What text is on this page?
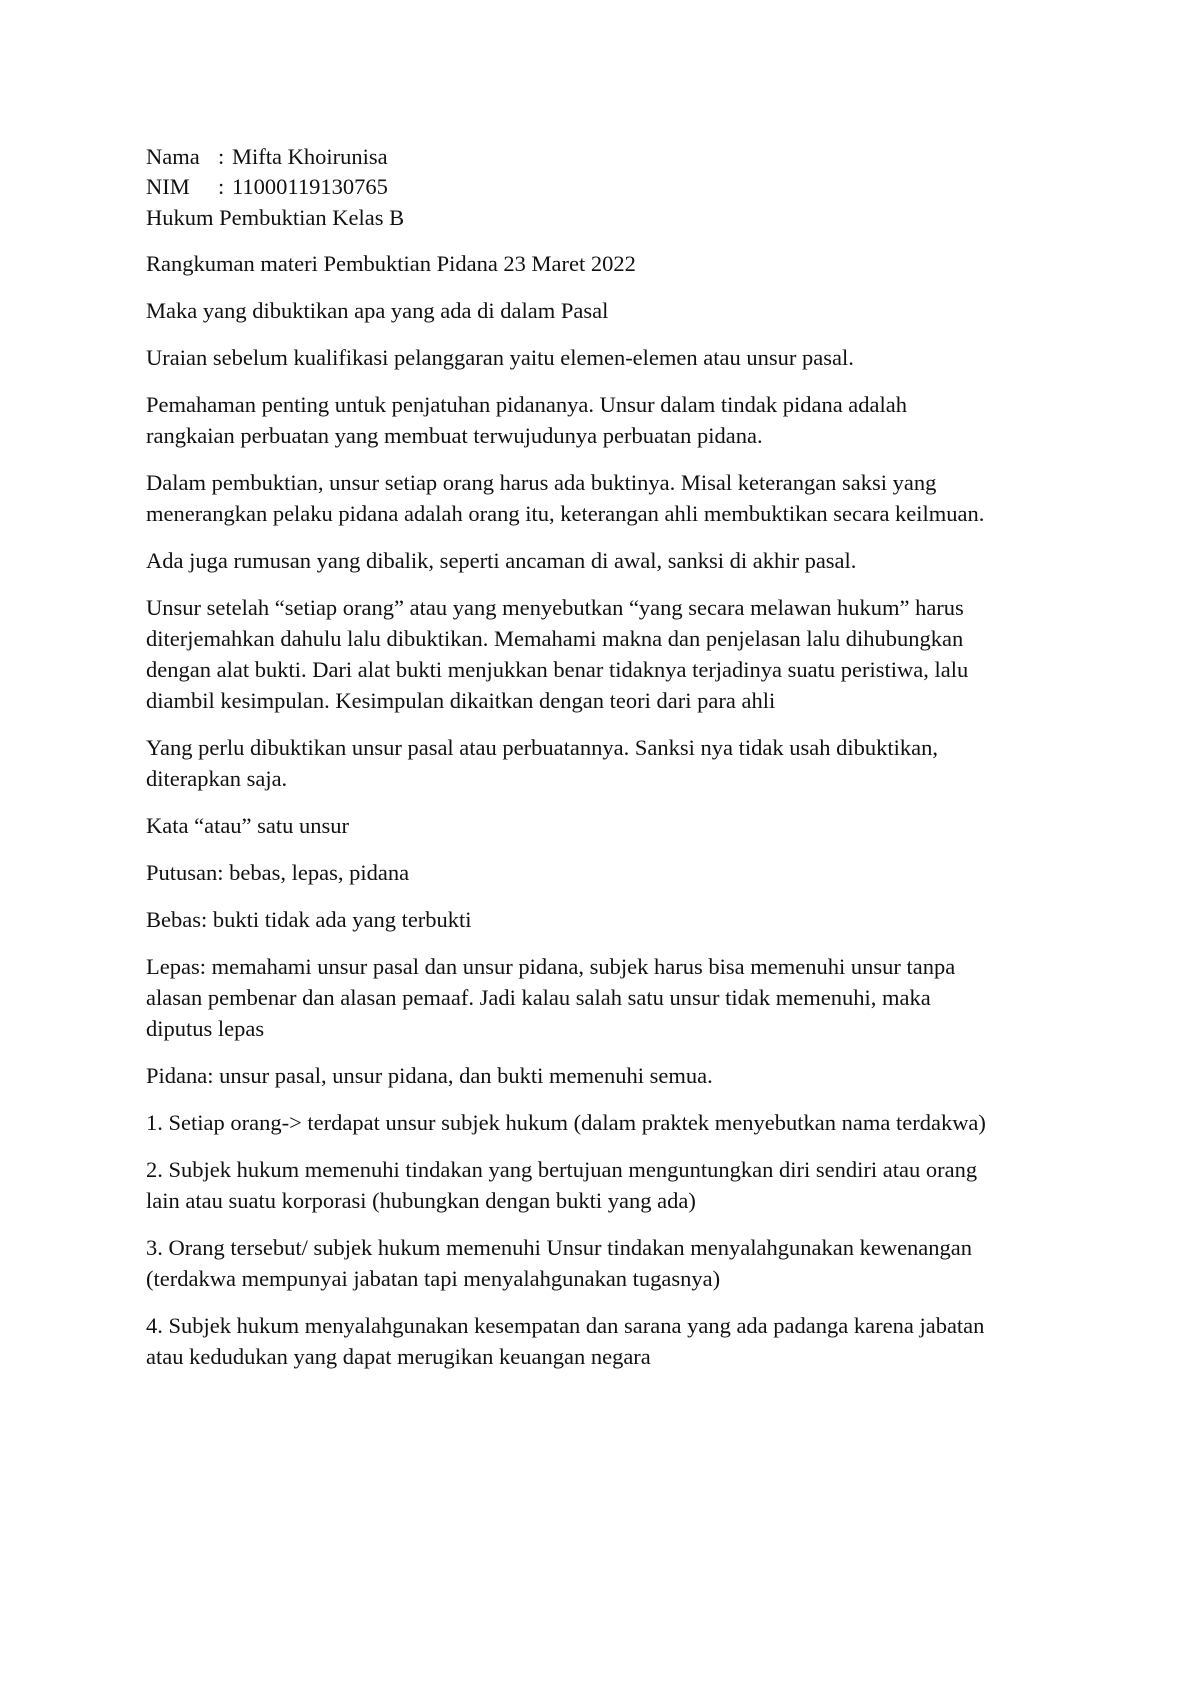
Nama : Mifta Khoirunisa
NIM	: 11000119130765
Hukum Pembuktian Kelas B

Rangkuman materi Pembuktian Pidana 23 Maret 2022

Maka yang dibuktikan apa yang ada di dalam Pasal

Uraian sebelum kualifikasi pelanggaran yaitu elemen-elemen atau unsur pasal.

Pemahaman penting untuk penjatuhan pidananya. Unsur dalam tindak pidana adalah
rangkaian perbuatan yang membuat terwujudunya perbuatan pidana.

Dalam pembuktian, unsur setiap orang harus ada buktinya. Misal keterangan saksi yang
menerangkan pelaku pidana adalah orang itu, keterangan ahli membuktikan secara keilmuan.

Ada juga rumusan yang dibalik, seperti ancaman di awal, sanksi di akhir pasal.

Unsur setelah “setiap orang” atau yang menyebutkan “yang secara melawan hukum” harus
diterjemahkan dahulu lalu dibuktikan. Memahami makna dan penjelasan lalu dihubungkan
dengan alat bukti. Dari alat bukti menjukkan benar tidaknya terjadinya suatu peristiwa, lalu
diambil kesimpulan. Kesimpulan dikaitkan dengan teori dari para ahli

Yang perlu dibuktikan unsur pasal atau perbuatannya. Sanksi nya tidak usah dibuktikan,
diterapkan saja.

Kata “atau” satu unsur

Putusan: bebas, lepas, pidana

Bebas: bukti tidak ada yang terbukti

Lepas: memahami unsur pasal dan unsur pidana, subjek harus bisa memenuhi unsur tanpa
alasan pembenar dan alasan pemaaf. Jadi kalau salah satu unsur tidak memenuhi, maka
diputus lepas

Pidana: unsur pasal, unsur pidana, dan bukti memenuhi semua.

1. Setiap orang-> terdapat unsur subjek hukum (dalam praktek menyebutkan nama terdakwa)

2. Subjek hukum memenuhi tindakan yang bertujuan menguntungkan diri sendiri atau orang
lain atau suatu korporasi (hubungkan dengan bukti yang ada)

3. Orang tersebut/ subjek hukum memenuhi Unsur tindakan menyalahgunakan kewenangan
(terdakwa mempunyai jabatan tapi menyalahgunakan tugasnya)

4. Subjek hukum menyalahgunakan kesempatan dan sarana yang ada padanga karena jabatan
atau kedudukan yang dapat merugikan keuangan negara
